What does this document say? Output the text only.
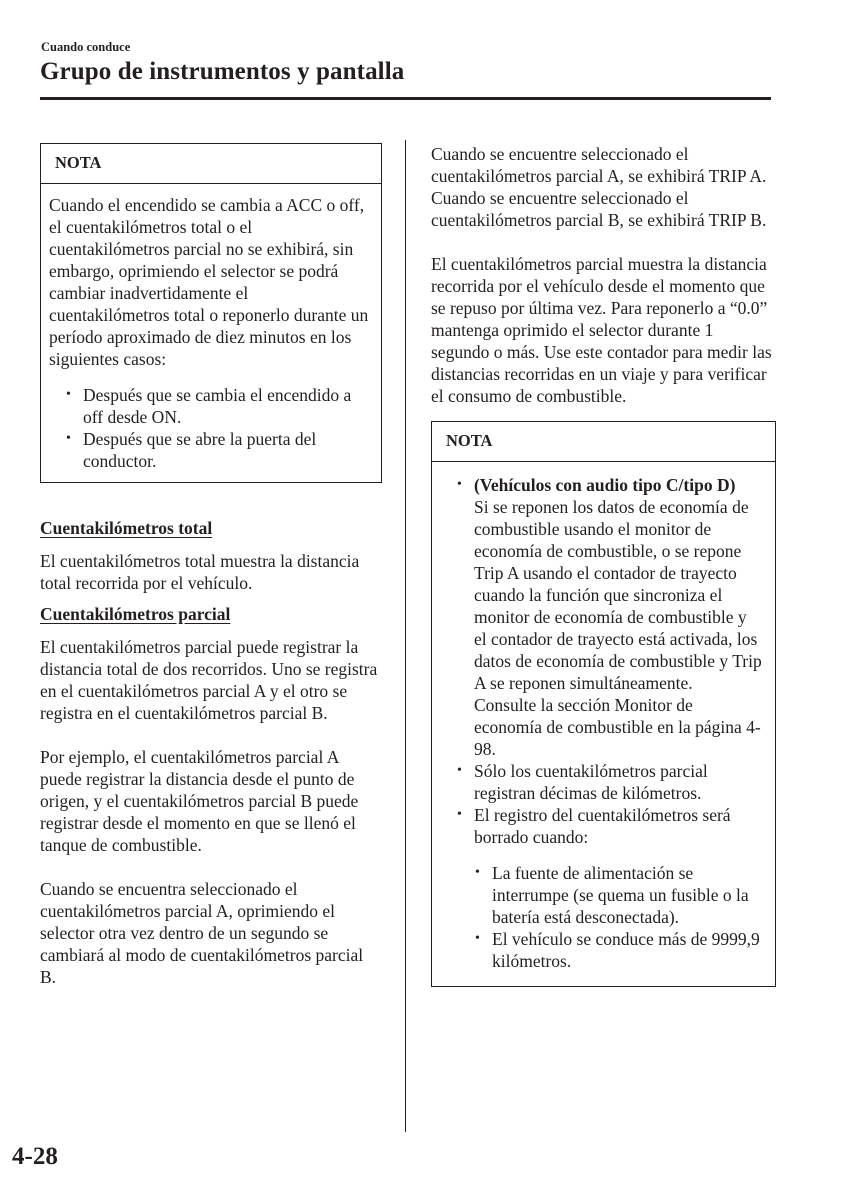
Cuando conduce
Grupo de instrumentos y pantalla
NOTA

Cuando el encendido se cambia a ACC o off, el cuentakilómetros total o el cuentakilómetros parcial no se exhibirá, sin embargo, oprimiendo el selector se podrá cambiar inadvertidamente el cuentakilómetros total o reponerlo durante un período aproximado de diez minutos en los siguientes casos:

• Después que se cambia el encendido a off desde ON.
• Después que se abre la puerta del conductor.

Cuentakilómetros total

El cuentakilómetros total muestra la distancia total recorrida por el vehículo.

Cuentakilómetros parcial

El cuentakilómetros parcial puede registrar la distancia total de dos recorridos. Uno se registra en el cuentakilómetros parcial A y el otro se registra en el cuentakilómetros parcial B.

Por ejemplo, el cuentakilómetros parcial A puede registrar la distancia desde el punto de origen, y el cuentakilómetros parcial B puede registrar desde el momento en que se llenó el tanque de combustible.

Cuando se encuentra seleccionado el cuentakilómetros parcial A, oprimiendo el selector otra vez dentro de un segundo se cambiará al modo de cuentakilómetros parcial B.

Cuando se encuentre seleccionado el cuentakilómetros parcial A, se exhibirá TRIP A. Cuando se encuentre seleccionado el cuentakilómetros parcial B, se exhibirá TRIP B.

El cuentakilómetros parcial muestra la distancia recorrida por el vehículo desde el momento que se repuso por última vez. Para reponerlo a “0.0” mantenga oprimido el selector durante 1 segundo o más. Use este contador para medir las distancias recorridas en un viaje y para verificar el consumo de combustible.

NOTA
• (Vehículos con audio tipo C/tipo D)
Si se reponen los datos de economía de combustible usando el monitor de economía de combustible, o se repone Trip A usando el contador de trayecto cuando la función que sincroniza el monitor de economía de combustible y el contador de trayecto está activada, los datos de economía de combustible y Trip A se reponen simultáneamente.
Consulte la sección Monitor de economía de combustible en la página 4-98.
• Sólo los cuentakilómetros parcial registran décimas de kilómetros.
• El registro del cuentakilómetros será borrado cuando:
• La fuente de alimentación se interrumpe (se quema un fusible o la batería está desconectada).
• El vehículo se conduce más de 9999,9 kilómetros.
4-28
